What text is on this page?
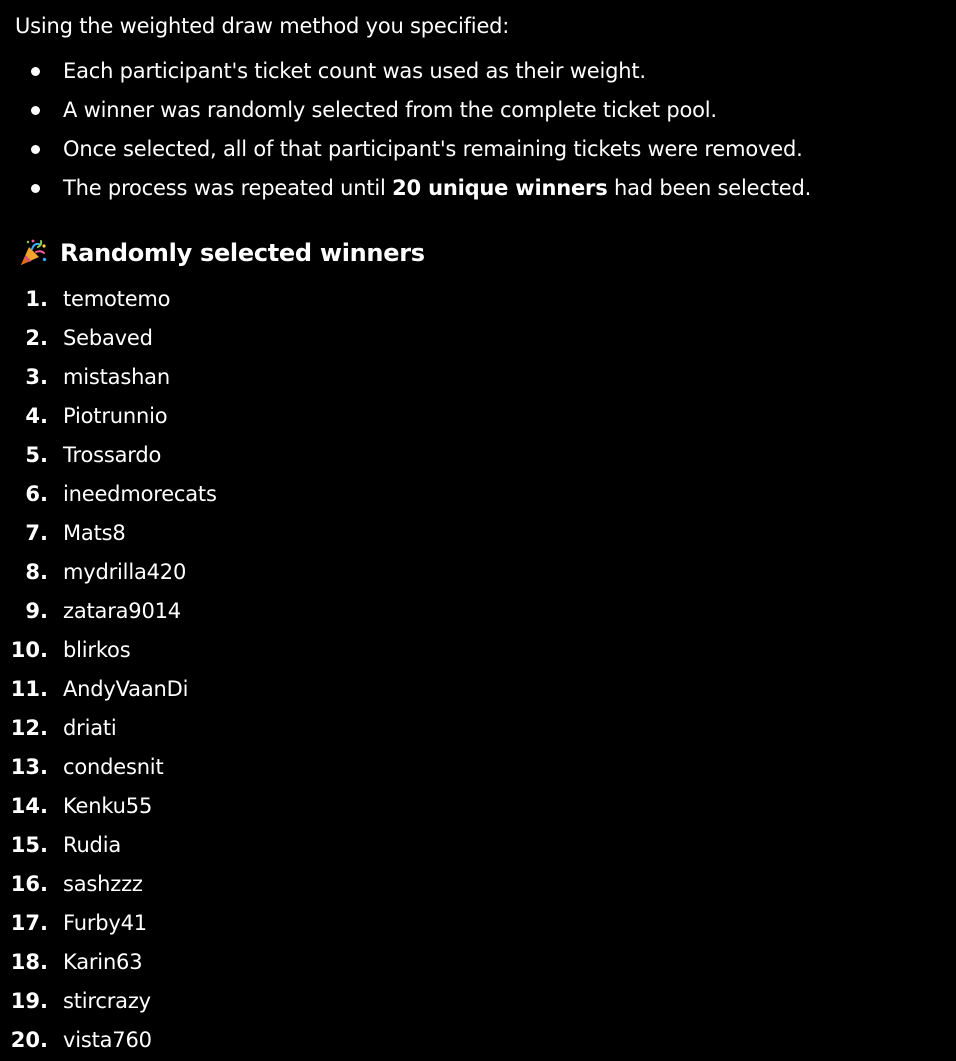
Using the weighted draw method you specified:

Each participant's ticket count was used as their weight.
A winner was randomly selected from the complete ticket pool.
Once selected, all of that participant's remaining tickets were removed.
The process was repeated until 20 unique winners had been selected.
Randomly selected winners
1. temotemo
2. Sebaved
3. mistashan
4. Piotrunnio
5. Trossardo
6. ineedmorecats
7. Mats8
8. mydrilla420
9. zatara9014
10. blirkos
11. AndyVaanDi
12. driati
13. condesnit
14. Kenku55
15. Rudia
16. sashzzz
17. Furby41
18. Karin63
19. stircrazy
20. vista760
